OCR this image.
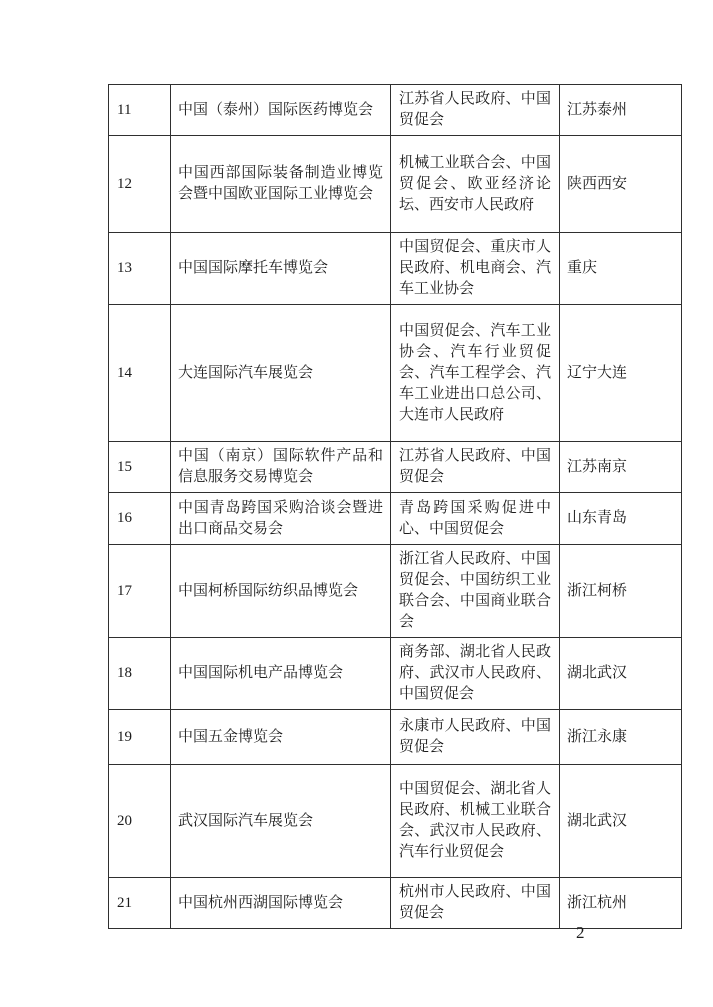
11	中国（泰州）国际医药博览会	江苏省人民政府、中国贸促会	江苏泰州
12	中国西部国际装备制造业博览会暨中国欧亚国际工业博览会	机械工业联合会、中国贸促会、欧亚经济论坛、西安市人民政府	陕西西安
13	中国国际摩托车博览会	中国贸促会、重庆市人民政府、机电商会、汽车工业协会	重庆
14	大连国际汽车展览会	中国贸促会、汽车工业协会、汽车行业贸促会、汽车工程学会、汽车工业进出口总公司、大连市人民政府	辽宁大连
15	中国（南京）国际软件产品和信息服务交易博览会	江苏省人民政府、中国贸促会	江苏南京
16	中国青岛跨国采购洽谈会暨进出口商品交易会	青岛跨国采购促进中心、中国贸促会	山东青岛
17	中国柯桥国际纺织品博览会	浙江省人民政府、中国贸促会、中国纺织工业联合会、中国商业联合会	浙江柯桥
18	中国国际机电产品博览会	商务部、湖北省人民政府、武汉市人民政府、中国贸促会	湖北武汉
19	中国五金博览会	永康市人民政府、中国贸促会	浙江永康
20	武汉国际汽车展览会	中国贸促会、湖北省人民政府、机械工业联合会、武汉市人民政府、汽车行业贸促会	湖北武汉
21	中国杭州西湖国际博览会	杭州市人民政府、中国贸促会	浙江杭州
2
